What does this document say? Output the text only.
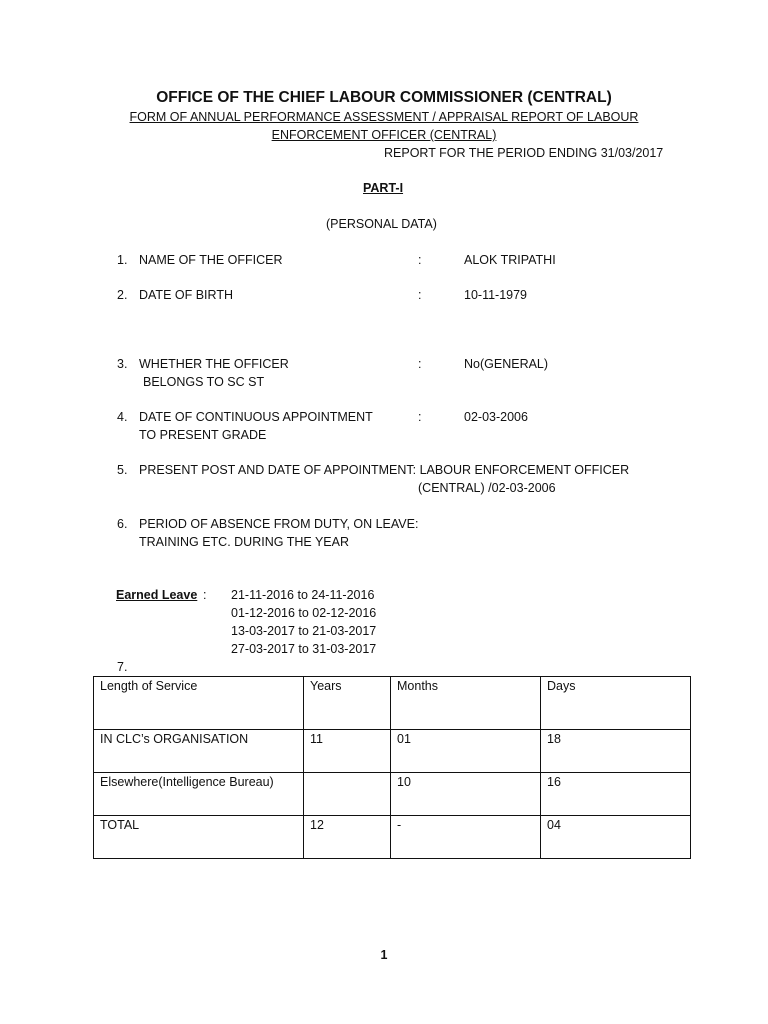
OFFICE OF THE CHIEF LABOUR COMMISSIONER (CENTRAL)
FORM OF ANNUAL PERFORMANCE ASSESSMENT / APPRAISAL REPORT OF LABOUR
ENFORCEMENT OFFICER (CENTRAL)
REPORT FOR THE PERIOD ENDING 31/03/2017
PART-I
(PERSONAL DATA)
1. NAME OF THE OFFICER	:	ALOK TRIPATHI
2. DATE OF BIRTH	:	10-11-1979
3. WHETHER THE OFFICER
BELONGS TO SC ST
:	No(GENERAL)
4. DATE OF CONTINUOUS APPOINTMENT
TO PRESENT GRADE
:	02-03-2006
5. PRESENT POST AND DATE OF APPOINTMENT: LABOUR ENFORCEMENT OFFICER
(CENTRAL) /02-03-2006
6. PERIOD OF ABSENCE FROM DUTY, ON LEAVE:
TRAINING ETC. DURING THE YEAR
Earned Leave : 21-11-2016 to 24-11-2016
01-12-2016 to 02-12-2016
13-03-2017 to 21-03-2017
27-03-2017 to 31-03-2017
7.
Length of Service	Years	Months	Days
IN CLC’s ORGANISATION	11	01	18
Elsewhere(Intelligence Bureau)		10	16
TOTAL	12	-	04
1
